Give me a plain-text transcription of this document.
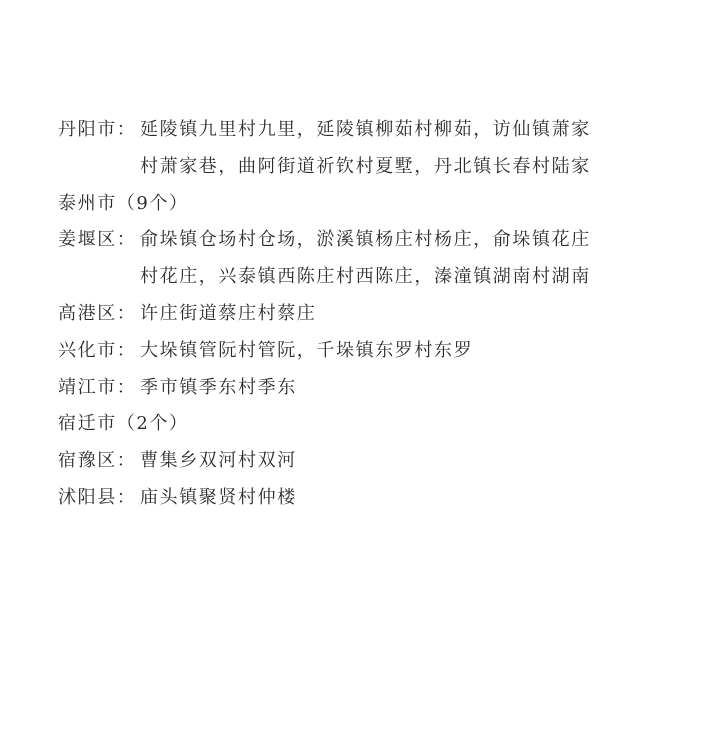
丹阳市： 延陵镇九里村九里，延陵镇柳茹村柳茹，访仙镇萧家
村萧家巷，曲阿街道祈钦村夏墅，丹北镇长春村陆家
泰州市（9个）
姜堰区： 俞垛镇仓场村仓场，淤溪镇杨庄村杨庄，俞垛镇花庄
村花庄，兴泰镇西陈庄村西陈庄，溱潼镇湖南村湖南
高港区： 许庄街道蔡庄村蔡庄
兴化市： 大垛镇管阮村管阮，千垛镇东罗村东罗
靖江市： 季市镇季东村季东
宿迁市（2个）
宿豫区： 曹集乡双河村双河
沭阳县： 庙头镇聚贤村仲楼
